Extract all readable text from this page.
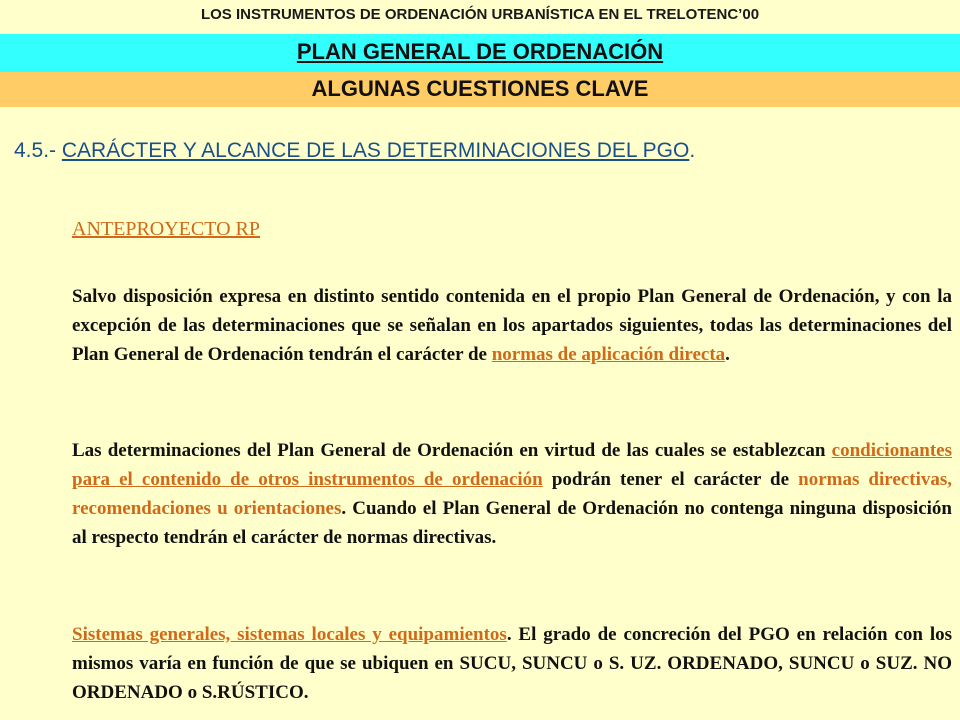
LOS INSTRUMENTOS DE ORDENACIÓN URBANÍSTICA EN EL TRELOTENC’00
PLAN GENERAL DE ORDENACIÓN
ALGUNAS CUESTIONES CLAVE
4.5.- CARÁCTER Y ALCANCE DE LAS DETERMINACIONES DEL PGO.
ANTEPROYECTO RP
Salvo disposición expresa en distinto sentido contenida en el propio Plan General de Ordenación, y con la excepción de las determinaciones que se señalan en los apartados siguientes, todas las determinaciones del Plan General de Ordenación tendrán el carácter de normas de aplicación directa.
Las determinaciones del Plan General de Ordenación en virtud de las cuales se establezcan condicionantes para el contenido de otros instrumentos de ordenación podrán tener el carácter de normas directivas, recomendaciones u orientaciones. Cuando el Plan General de Ordenación no contenga ninguna disposición al respecto tendrán el carácter de normas directivas.
Sistemas generales, sistemas locales y equipamientos. El grado de concreción del PGO en relación con los mismos varía en función de que se ubiquen en SUCU, SUNCU o S. UZ. ORDENADO, SUNCU o SUZ. NO ORDENADO o S.RÚSTICO.
